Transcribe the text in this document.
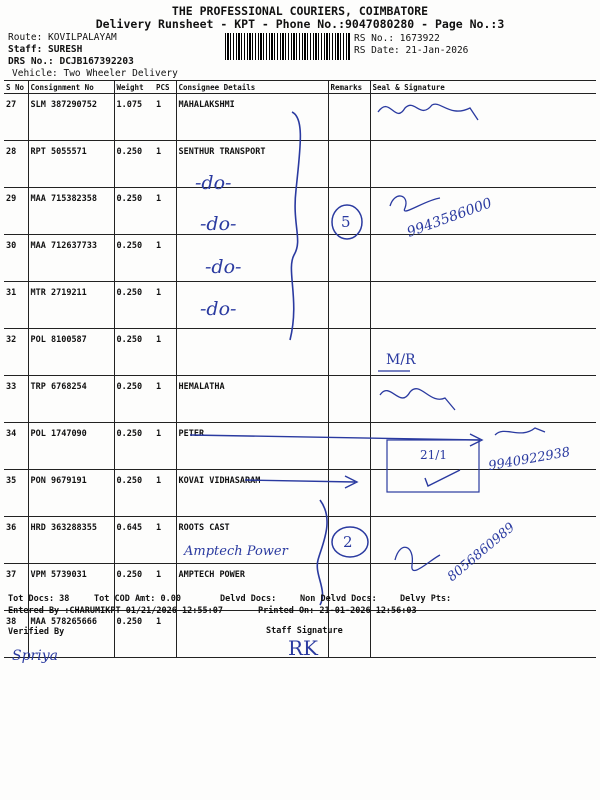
THE PROFESSIONAL COURIERS, COIMBATORE
Delivery Runsheet - KPT - Phone No.:9047080280 - Page No.:3
Route: KOVILPALAYAM
Staff: SURESH
DRS No.: DCJB167392203
Vehicle: Two Wheeler Delivery
RS No.: 1673922
RS Date: 21-Jan-2026
S No	Consignment No	Weight	PCS	Consignee Details	Remarks	Seal & Signature
27	SLM 387290752	1.075	1	MAHALAKSHMI		
28	RPT 5055571	0.250	1	SENTHUR TRANSPORT		
29	MAA 715382358	0.250	1			
30	MAA 712637733	0.250	1			
31	MTR 2719211	0.250	1			
32	POL 8100587	0.250	1			
33	TRP 6768254	0.250	1	HEMALATHA		
34	POL 1747090	0.250	1	PETER		
35	PON 9679191	0.250	1	KOVAI VIDHASARAM		
36	HRD 363288355	0.645	1	ROOTS CAST		
37	VPM 5739031	0.250	1	AMPTECH POWER		
38	MAA 578265666	0.250	1			
-do-
-do-
-do-
-do-
Amptech Power
9943586000
9940922938
8056860989
M/R
21/1
5
2
RK
Spriya
Tot Docs: 38	Tot COD Amt: 0.00	Delvd Docs:	Non Delvd Docs:	Delvy Pts:
Entered By :CHARUMIKPT 01/21/2026 12:55:07	Printed On: 21-01-2026 12:56:03
Verified By	Staff Signature
